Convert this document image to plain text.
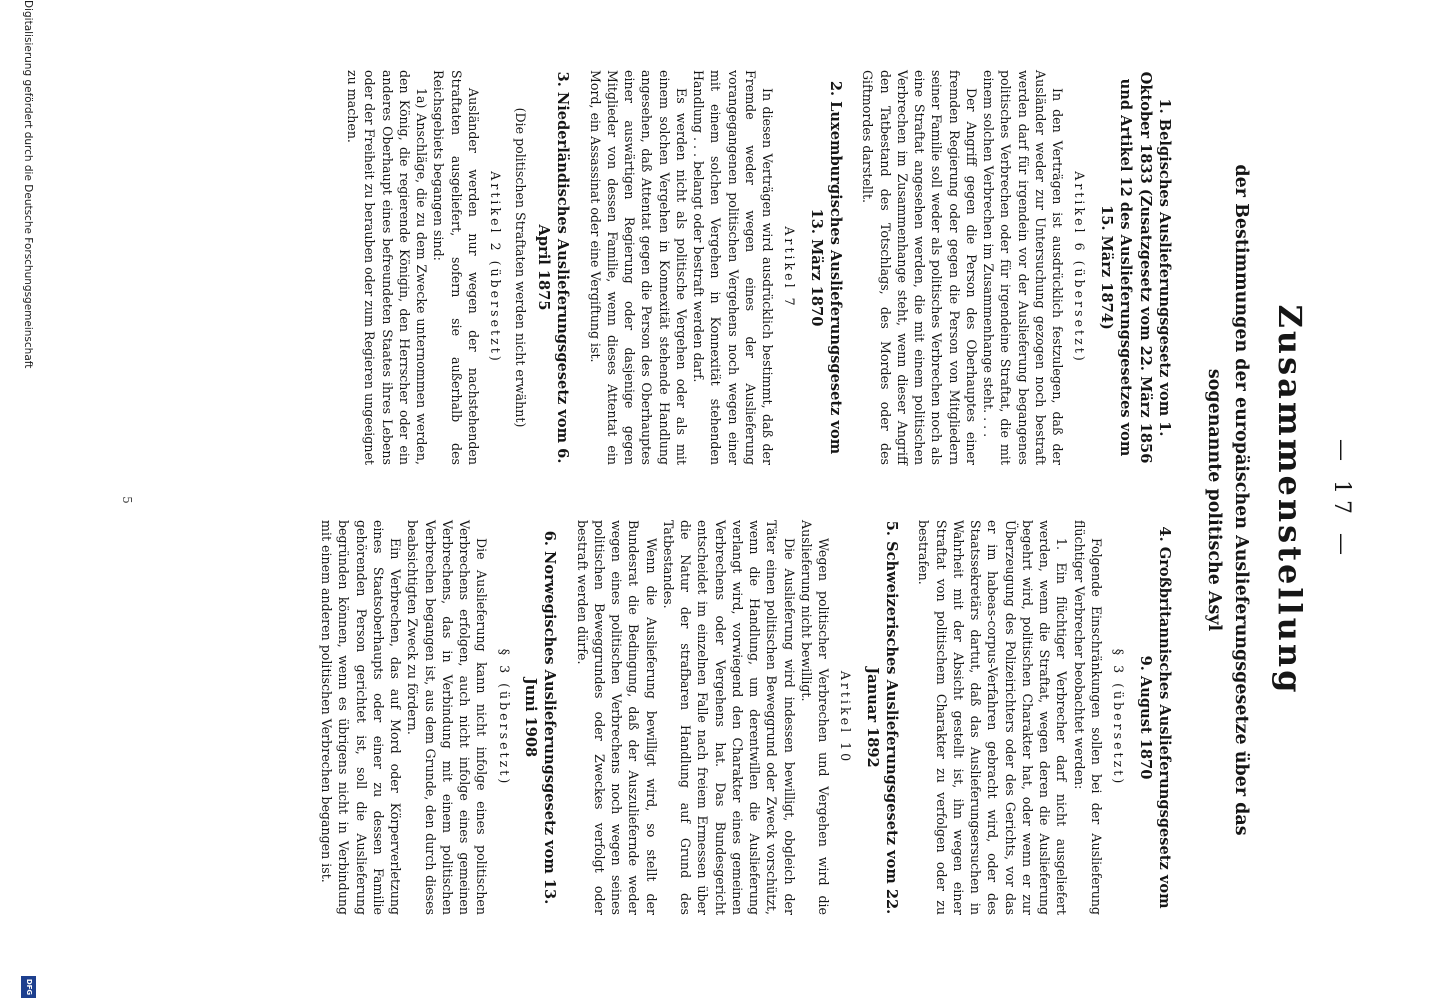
— 17 —
Zusammenstellung
der Bestimmungen der europäischen Auslieferungsgesetze über das
sogenannte politische Asyl
1. Belgisches Auslieferungsgesetz vom 1. Oktober 1833 (Zusatzgesetz vom 22. März 1856 und Artikel 12 des Auslieferungsgesetzes vom 15. März 1874)
Artikel 6 (übersetzt)

In den Verträgen ist ausdrücklich festzulegen, daß der Ausländer weder zur Untersuchung gezogen noch bestraft werden darf für irgendein vor der Auslieferung begangenes politisches Verbrechen oder für irgendeine Straftat, die mit einem solchen Verbrechen im Zusammenhange steht. . . .

Der Angriff gegen die Person des Oberhauptes einer fremden Regierung oder gegen die Person von Mitgliedern seiner Familie soll weder als politisches Verbrechen noch als eine Straftat angesehen werden, die mit einem politischen Verbrechen im Zusammenhange steht, wenn dieser Angriff den Tatbestand des Totschlags, des Mordes oder des Giftmordes darstellt.

2. Luxemburgisches Auslieferungsgesetz vom 13. März 1870
Artikel 7

In diesen Verträgen wird ausdrücklich bestimmt, daß der Fremde weder wegen eines der Auslieferung vorangegangenen politischen Vergehens noch wegen einer mit einem solchen Vergehen in Konnexität stehenden Handlung . . . belangt oder bestraft werden darf.

Es werden nicht als politische Vergehen oder als mit einem solchen Vergehen in Konnexität stehende Handlung angesehen, daß Attentat gegen die Person des Oberhauptes einer auswärtigen Regierung oder dasjenige gegen Mitglieder von dessen Familie, wenn dieses Attentat ein Mord, ein Assassinat oder eine Vergiftung ist.

3. Niederländisches Auslieferungsgesetz vom 6. April 1875
(Die politischen Straftaten werden nicht erwähnt)
Artikel 2 (übersetzt)

Ausländer werden nur wegen der nachstehenden Straftaten ausgeliefert, sofern sie außerhalb des Reichsgebiets begangen sind:

1a) Anschläge, die zu dem Zwecke unternommen werden, den König, die regierende Königin, den Herrscher oder ein anderes Oberhaupt eines befreundeten Staates ihres Lebens oder der Freiheit zu berauben oder zum Regieren ungeeignet zu machen.

4. Großbritannisches Auslieferungsgesetz vom 9. August 1870
§ 3 (übersetzt)

Folgende Einschränkungen sollen bei der Auslieferung flüchtiger Verbrecher beobachtet werden:

1. Ein flüchtiger Verbrecher darf nicht ausgeliefert werden, wenn die Straftat, wegen deren die Auslieferung begehrt wird, politischen Charakter hat, oder wenn er zur Überzeugung des Polizeirichters oder des Gerichts, vor das er im habeas-corpus-Verfahren gebracht wird, oder des Staatssekretärs dartut, daß das Auslieferungsersuchen in Wahrheit mit der Absicht gestellt ist, ihn wegen einer Straftat von politischem Charakter zu verfolgen oder zu bestrafen.

5. Schweizerisches Auslieferungsgesetz vom 22. Januar 1892
Artikel 10

Wegen politischer Verbrechen und Vergehen wird die Auslieferung nicht bewilligt.

Die Auslieferung wird indessen bewilligt, obgleich der Täter einen politischen Beweggrund oder Zweck vorschützt, wenn die Handlung, um derentwillen die Auslieferung verlangt wird, vorwiegend den Charakter eines gemeinen Verbrechens oder Vergehens hat. Das Bundesgericht entscheidet im einzelnen Falle nach freiem Ermessen über die Natur der strafbaren Handlung auf Grund des Tatbestandes.

Wenn die Auslieferung bewilligt wird, so stellt der Bundesrat die Bedingung, daß der Auszuliefernde weder wegen eines politischen Verbrechens noch wegen seines politischen Beweggrundes oder Zweckes verfolgt oder bestraft werden dürfe.

6. Norwegisches Auslieferungsgesetz vom 13. Juni 1908
§ 3 (übersetzt)

Die Auslieferung kann nicht infolge eines politischen Verbrechens erfolgen, auch nicht infolge eines gemeinen Verbrechens, das in Verbindung mit einem politischen Verbrechen begangen ist, aus dem Grunde, den durch dieses beabsichtigten Zweck zu fördern.

Ein Verbrechen, das auf Mord oder Körperverletzung eines Staatsoberhaupts oder einer zu dessen Familie gehörenden Person gerichtet ist, soll die Auslieferung begründen können, wenn es übrigens nicht in Verbindung mit einem anderen politischen Verbrechen begangen ist.

5
Digitalisierung gefördert durch die Deutsche Forschungsgemeinschaft
DFG
